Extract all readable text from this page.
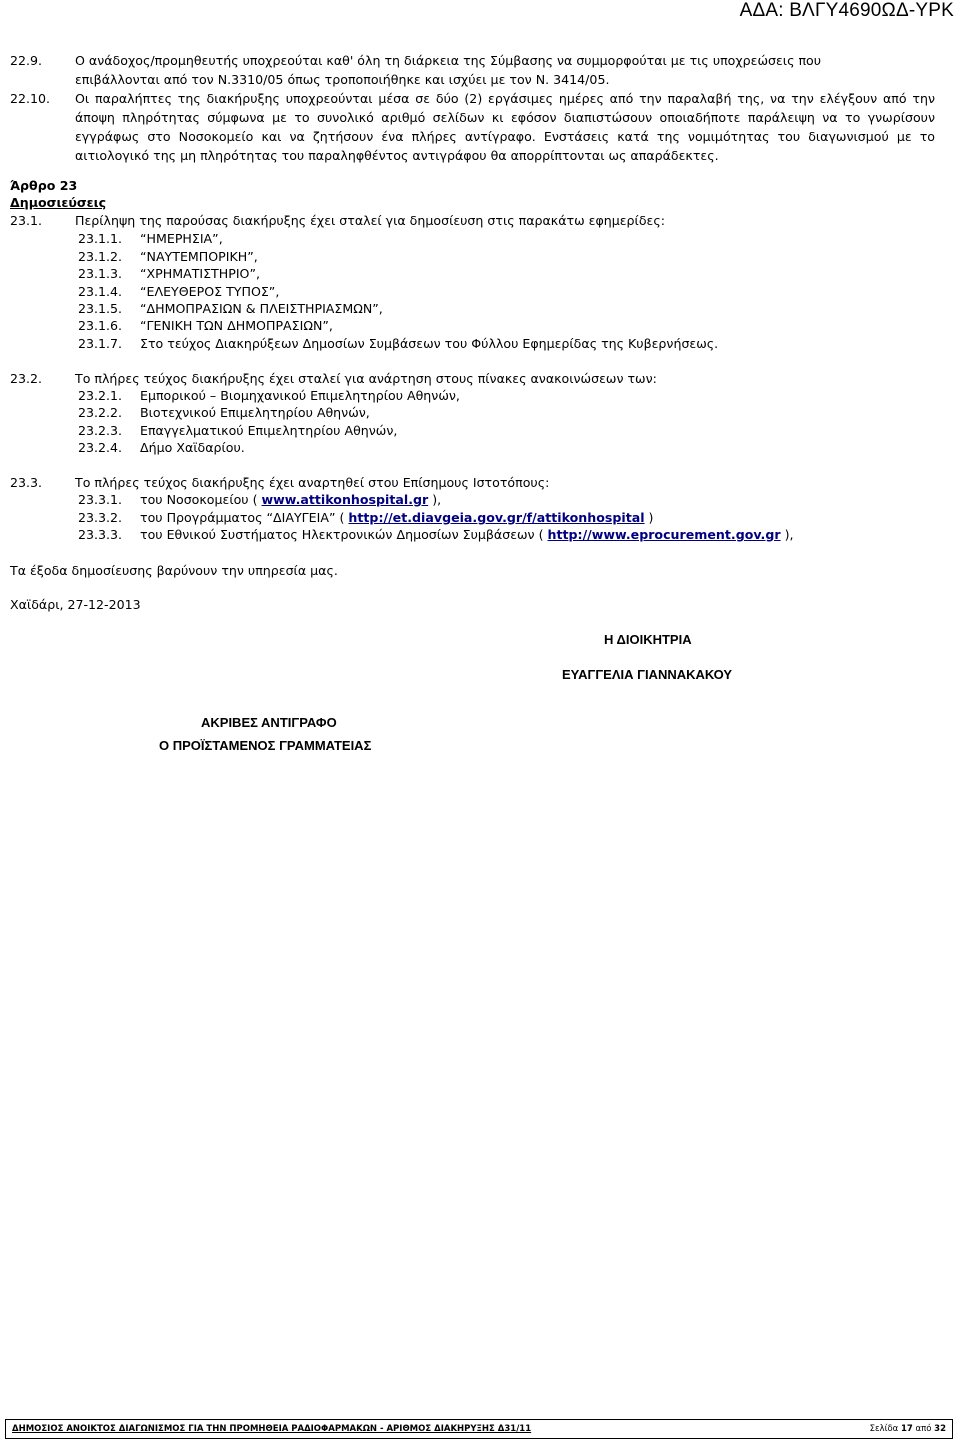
ΑΔΑ: ΒΛΓΥ4690ΩΔ-ΥΡΚ
22.9.	Ο ανάδοχος/προμηθευτής υποχρεούται καθ' όλη τη διάρκεια της Σύμβασης να συμμορφούται με τις υποχρεώσεις που
επιβάλλονται από τον Ν.3310/05 όπως τροποποιήθηκε και ισχύει με τον Ν. 3414/05.
22.10. Οι παραλήπτες της διακήρυξης υποχρεούνται μέσα σε δύο (2) εργάσιμες ημέρες από την παραλαβή της, να την ελέγξουν από την άποψη πληρότητας σύμφωνα με το συνολικό αριθμό σελίδων κι εφόσον διαπιστώσουν οποιαδήποτε παράλειψη να το γνωρίσουν εγγράφως στο Νοσοκομείο και να ζητήσουν ένα πλήρες αντίγραφο. Ενστάσεις κατά της νομιμότητας του διαγωνισμού με το αιτιολογικό της μη πληρότητας του παραληφθέντος αντιγράφου θα απορρίπτονται ως απαράδεκτες.
Άρθρο 23
Δημοσιεύσεις
23.1.	Περίληψη της παρούσας διακήρυξης έχει σταλεί για δημοσίευση στις παρακάτω εφημερίδες:
23.1.1. “ΗΜΕΡΗΣΙΑ”,
23.1.2. “ΝΑΥΤΕΜΠΟΡΙΚΗ”,
23.1.3. “ΧΡΗΜΑΤΙΣΤΗΡΙΟ”,
23.1.4. “ΕΛΕΥΘΕΡΟΣ ΤΥΠΟΣ”,
23.1.5. “ΔΗΜΟΠΡΑΣΙΩΝ & ΠΛΕΙΣΤΗΡΙΑΣΜΩΝ”,
23.1.6. “ΓΕΝΙΚΗ ΤΩΝ ΔΗΜΟΠΡΑΣΙΩΝ”,
23.1.7. Στο τεύχος Διακηρύξεων Δημοσίων Συμβάσεων του Φύλλου Εφημερίδας της Κυβερνήσεως.
23.2.	Το πλήρες τεύχος διακήρυξης έχει σταλεί για ανάρτηση στους πίνακες ανακοινώσεων των:
23.2.1. Εμπορικού – Βιομηχανικού Επιμελητηρίου Αθηνών,
23.2.2. Βιοτεχνικού Επιμελητηρίου Αθηνών,
23.2.3. Επαγγελματικού Επιμελητηρίου Αθηνών,
23.2.4. Δήμο Χαϊδαρίου.
23.3.	Το πλήρες τεύχος διακήρυξης έχει αναρτηθεί στου Επίσημους Ιστοτόπους:
23.3.1. του Νοσοκομείου ( www.attikonhospital.gr ),
23.3.2. του Προγράμματος “ΔΙΑΥΓΕΙΑ” ( http://et.diavgeia.gov.gr/f/attikonhospital )
23.3.3. του Εθνικού Συστήματος Ηλεκτρονικών Δημοσίων Συμβάσεων ( http://www.eprocurement.gov.gr ),
Τα έξοδα δημοσίευσης βαρύνουν την υπηρεσία μας.
Χαϊδάρι, 27-12-2013
Η ΔΙΟΙΚΗΤΡΙΑ
ΕΥΑΓΓΕΛΙΑ ΓΙΑΝΝΑΚΑΚΟΥ
ΑΚΡΙΒΕΣ ΑΝΤΙΓΡΑΦΟ
Ο ΠΡΟΪΣΤΑΜΕΝΟΣ ΓΡΑΜΜΑΤΕΙΑΣ
ΔΗΜΟΣΙΟΣ ΑΝΟΙΚΤΟΣ ΔΙΑΓΩΝΙΣΜΟΣ ΓΙΑ ΤΗΝ ΠΡΟΜΗΘΕΙΑ ΡΑΔΙΟΦΑΡΜΑΚΩΝ - ΑΡΙΘΜΟΣ ΔΙΑΚΗΡΥΞΗΣ Δ31/11	Σελίδα 17 από 32
